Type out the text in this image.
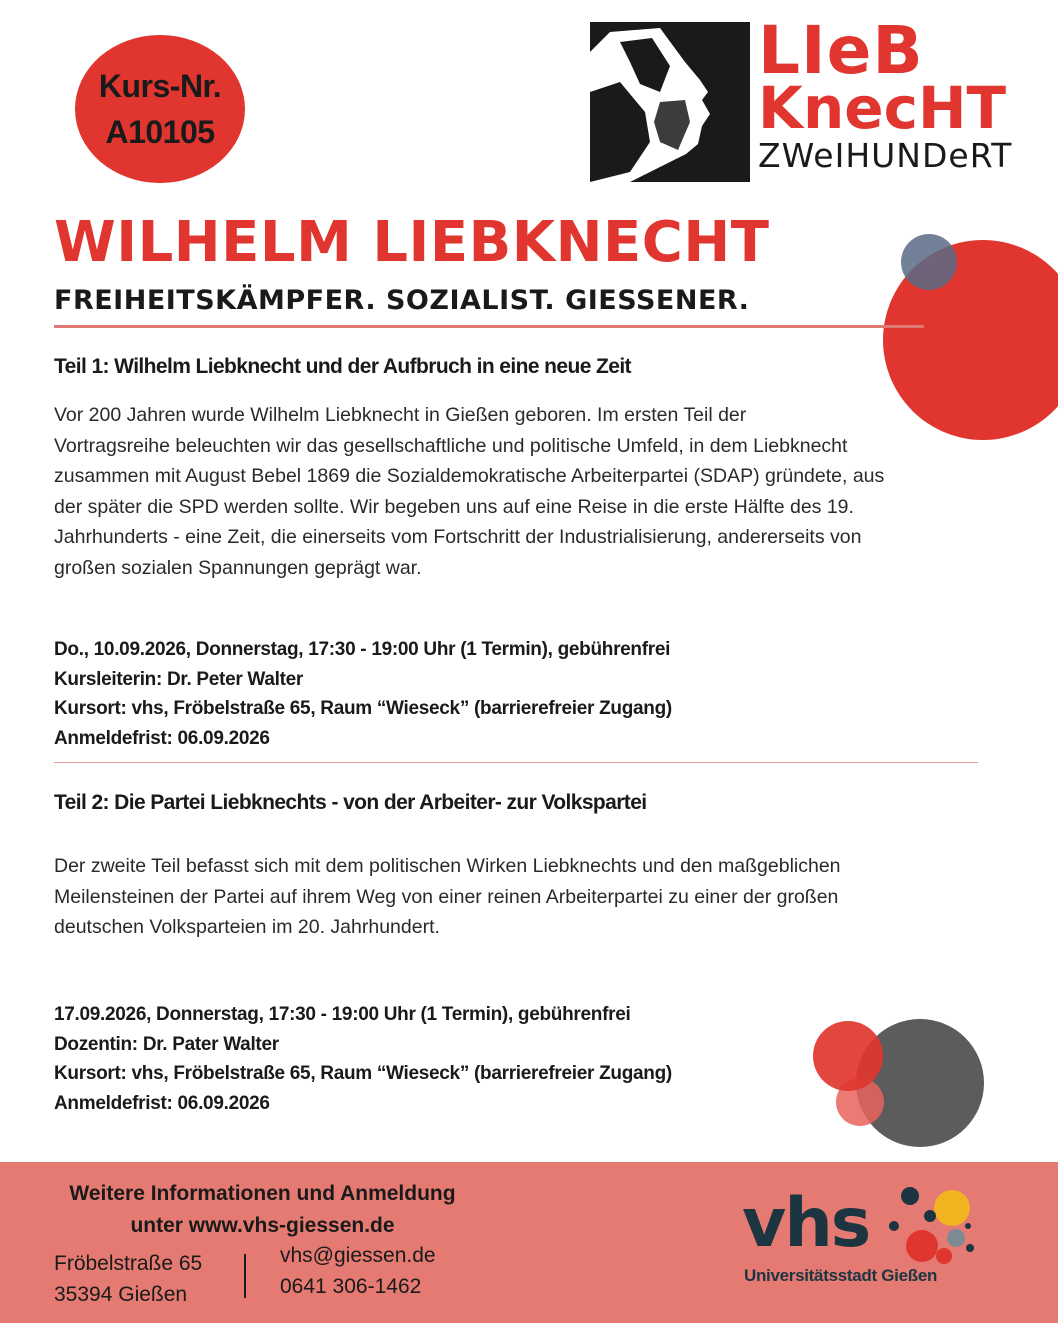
Kurs-Nr.
A10105
LIeB
KnecHT
ZWeIHUNDeRT
WILHELM LIEBKNECHT
FREIHEITSKÄMPFER. SOZIALIST. GIESSENER.
Teil 1: Wilhelm Liebknecht und der Aufbruch in eine neue Zeit
Vor 200 Jahren wurde Wilhelm Liebknecht in Gießen geboren. Im ersten Teil der
Vortragsreihe beleuchten wir das gesellschaftliche und politische Umfeld, in dem Liebknecht
zusammen mit August Bebel 1869 die Sozialdemokratische Arbeiterpartei (SDAP) gründete, aus
der später die SPD werden sollte. Wir begeben uns auf eine Reise in die erste Hälfte des 19.
Jahrhunderts - eine Zeit, die einerseits vom Fortschritt der Industrialisierung, andererseits von
großen sozialen Spannungen geprägt war.
Do., 10.09.2026, Donnerstag, 17:30 - 19:00 Uhr (1 Termin), gebührenfrei
Kursleiterin: Dr. Peter Walter
Kursort: vhs, Fröbelstraße 65, Raum “Wieseck” (barrierefreier Zugang)
Anmeldefrist: 06.09.2026
Teil 2: Die Partei Liebknechts - von der Arbeiter- zur Volkspartei
Der zweite Teil befasst sich mit dem politischen Wirken Liebknechts und den maßgeblichen
Meilensteinen der Partei auf ihrem Weg von einer reinen Arbeiterpartei zu einer der großen
deutschen Volksparteien im 20. Jahrhundert.
17.09.2026, Donnerstag, 17:30 - 19:00 Uhr (1 Termin), gebührenfrei
Dozentin: Dr. Pater Walter
Kursort: vhs, Fröbelstraße 65, Raum “Wieseck” (barrierefreier Zugang)
Anmeldefrist: 06.09.2026
Weitere Informationen und Anmeldung
unter www.vhs-giessen.de
Fröbelstraße 65
35394 Gießen
vhs@giessen.de
0641 306-1462
vhs
Universitätsstadt Gießen
